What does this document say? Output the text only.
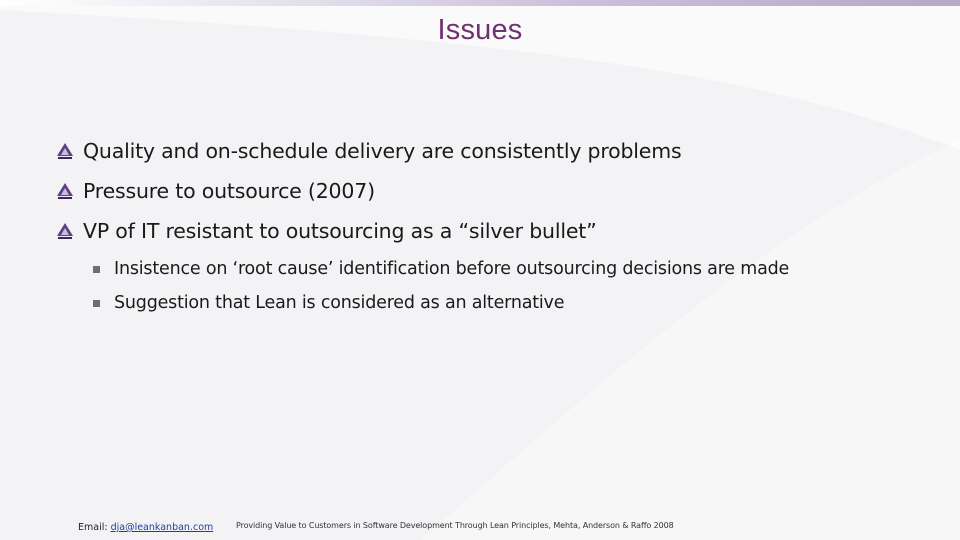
Issues
Quality and on-schedule delivery are consistently problems
Pressure to outsource (2007)
VP of IT resistant to outsourcing as a “silver bullet”
Insistence on ‘root cause’ identification before outsourcing decisions are made
Suggestion that Lean is considered as an alternative
Email: dja@leankanban.com	Providing Value to Customers in Software Development Through Lean Principles, Mehta, Anderson & Raffo 2008
